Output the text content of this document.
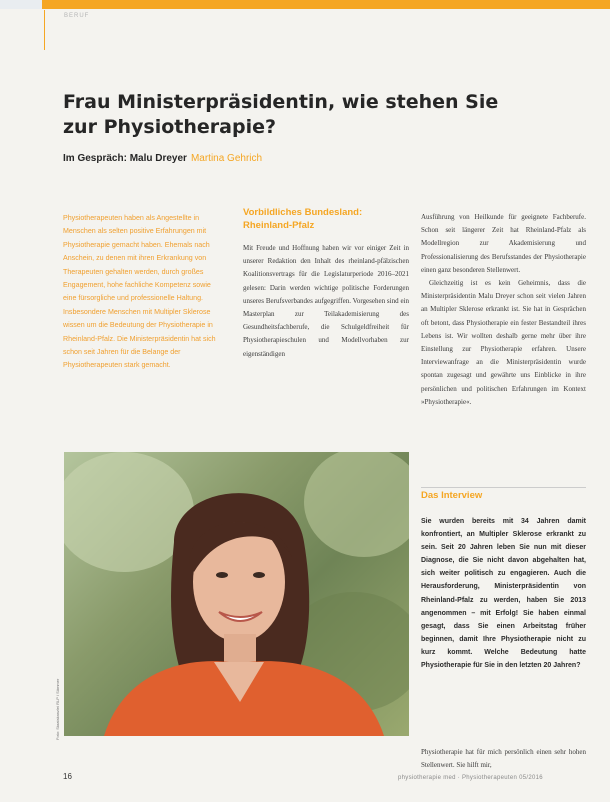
BERUF
Frau Ministerpräsidentin, wie stehen Sie zur Physiotherapie?
Im Gespräch: Malu Dreyer Martina Gehrich
Physiotherapeuten haben als Angestellte in Menschen als selten positive Erfahrungen mit Physiotherapie gemacht haben. Ehemals nach Anschein, zu denen mit ihren Erkrankung von Therapeuten gehalten werden, durch großes Engagement, hohe fachliche Kompetenz sowie eine fürsorgliche und professionelle Haltung. Insbesondere Menschen mit Multipler Sklerose wissen um die Bedeutung der Physiotherapie in Rheinland-Pfalz. Die Ministerpräsidentin hat sich schon seit Jahren für die Belange der Physiotherapeuten stark gemacht.
Vorbildliches Bundesland: Rheinland-Pfalz

Mit Freude und Hoffnung haben wir vor einiger Zeit in unserer Redaktion den Inhalt des rheinland-pfälzischen Koalitionsvertrags für die Legislaturperiode 2016–2021 gelesen: Darin werden wichtige politische Forderungen unseres Berufsverbandes aufgegriffen. Vorgesehen sind ein Masterplan zur Teilakademisierung des Gesundheitsfachberufe, die Schulgeldfreiheit für Physiotherapieschulen und Modellvorhaben zur eigenständigen

Ausführung von Heilkunde für geeignete Fachberufe. Schon seit längerer Zeit hat Rheinland-Pfalz als Modellregion zur Akademisierung und Professionalisierung des Berufsstandes der Physiotherapie einen ganz besonderen Stellenwert.

Gleichzeitig ist es kein Geheimnis, dass die Ministerpräsidentin Malu Dreyer schon seit vielen Jahren an Multipler Sklerose erkrankt ist. Sie hat in Gesprächen oft betont, dass Physiotherapie ein fester Bestandteil ihres Lebens ist. Wir wollten deshalb gerne mehr über ihre Einstellung zur Physiotherapie erfahren. Unsere Interviewanfrage an die Ministerpräsidentin wurde spontan zugesagt und gewährte uns Einblicke in ihre persönlichen und politischen Erfahrungen im Kontext »Physiotherapie«.

Foto: Staatskanzlei RLP / Sämmer
Das Interview
Sie wurden bereits mit 34 Jahren damit konfrontiert, an Multipler Sklerose erkrankt zu sein. Seit 20 Jahren leben Sie nun mit dieser Diagnose, die Sie nicht davon abgehalten hat, sich weiter politisch zu engagieren. Auch die Herausforderung, Ministerpräsidentin von Rheinland-Pfalz zu werden, haben Sie 2013 angenommen – mit Erfolg! Sie haben einmal gesagt, dass Sie einen Arbeitstag früher beginnen, damit Ihre Physiotherapie nicht zu kurz kommt. Welche Bedeutung hatte Physiotherapie für Sie in den letzten 20 Jahren?
Physiotherapie hat für mich persönlich einen sehr hohen Stellenwert. Sie hilft mir,
16	physiotherapie med · Physiotherapeuten 05/2016
